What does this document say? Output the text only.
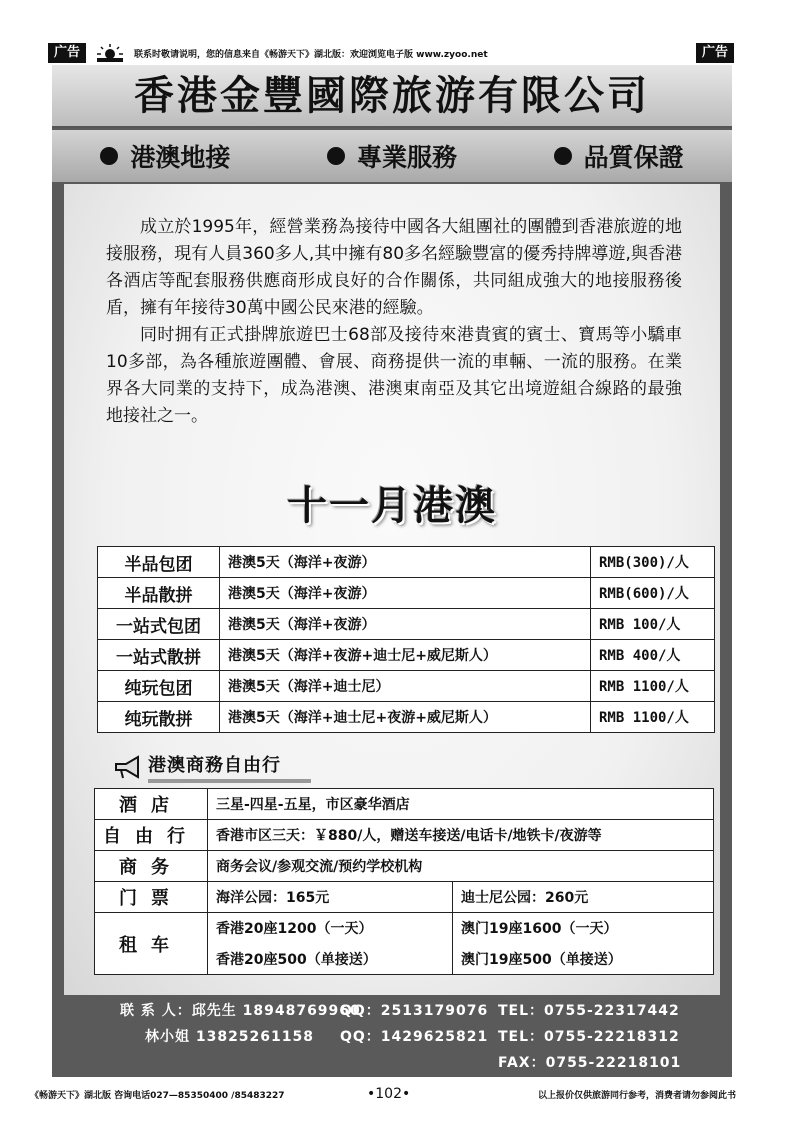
广告	联系时敬请说明，您的信息来自《畅游天下》湖北版：欢迎浏览电子版 www.zyoo.net	广告
香港金豐國際旅游有限公司
港澳地接	專業服務	品質保證

成立於1995年，經營業務為接待中國各大組團社的團體到香港旅遊的地接服務，現有人員360多人,其中擁有80多名經驗豐富的優秀持牌導遊,與香港各酒店等配套服務供應商形成良好的合作關係，共同組成強大的地接服務後盾，擁有年接待30萬中國公民來港的經驗。

同时拥有正式掛牌旅遊巴士68部及接待來港貴賓的賓士、寶馬等小驕車10多部，為各種旅遊團體、會展、商務提供一流的車輛、一流的服務。在業界各大同業的支持下，成為港澳、港澳東南亞及其它出境遊組合線路的最強地接社之一。

十一月港澳
半品包团	港澳5天（海洋+夜游）	RMB(300)/人
半品散拼	港澳5天（海洋+夜游）	RMB(600)/人
一站式包团	港澳5天（海洋+夜游）	RMB 100/人
一站式散拼	港澳5天（海洋+夜游+迪士尼+威尼斯人）	RMB 400/人
纯玩包团	港澳5天（海洋+迪士尼）	RMB 1100/人
纯玩散拼	港澳5天（海洋+迪士尼+夜游+威尼斯人）	RMB 1100/人
港澳商務自由行
酒店	三星-四星-五星，市区豪华酒店	
自由行	香港市区三天：￥880/人，赠送车接送/电话卡/地铁卡/夜游等	
商务	商务会议/参观交流/预约学校机构	
门票	海洋公园：165元	迪士尼公园：260元
租车	香港20座1200（一天）	澳门19座1600（一天）
	香港20座500（单接送）	澳门19座500（单接送）
联 系 人：邱先生 18948769960
QQ：2513179076 TEL：0755-22317442
林小姐 13825261158	QQ：1429625821 TEL：0755-22218312
FAX：0755-22218101
《畅游天下》湖北版 咨询电话027—85350400 /85483227	•102•	以上报价仅供旅游同行参考，消费者请勿参阅此书
